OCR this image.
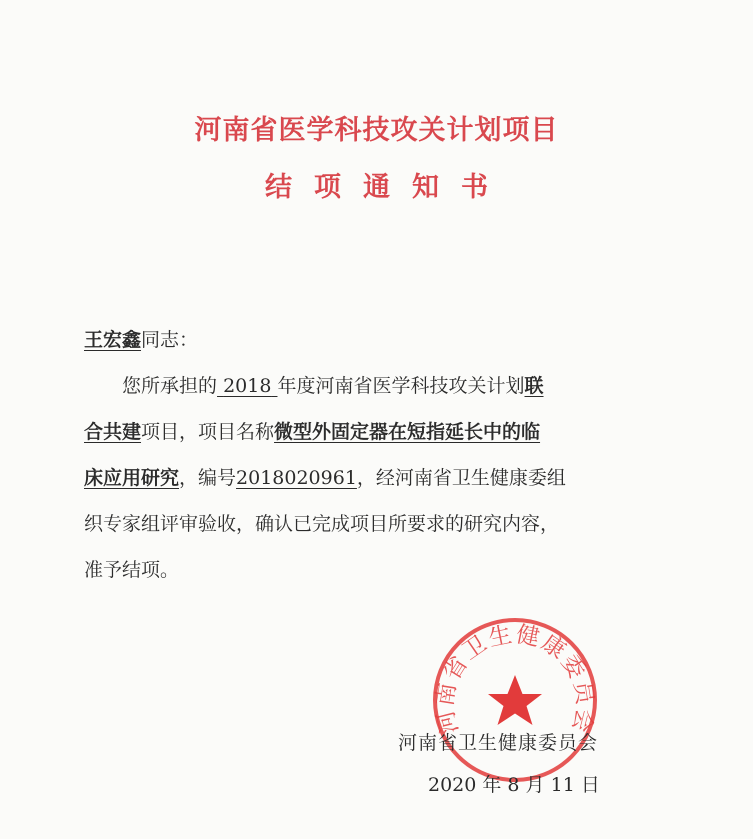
河南省医学科技攻关计划项目
结项通知书
王宏鑫同志：
　　您所承担的 2018 年度河南省医学科技攻关计划联
合共建项目，项目名称微型外固定器在短指延长中的临
床应用研究，编号2018020961，经河南省卫生健康委组
织专家组评审验收，确认已完成项目所要求的研究内容，
准予结项。
河南省卫生健康委员会
河南省卫生健康委员会
2020 年 8 月 11 日
